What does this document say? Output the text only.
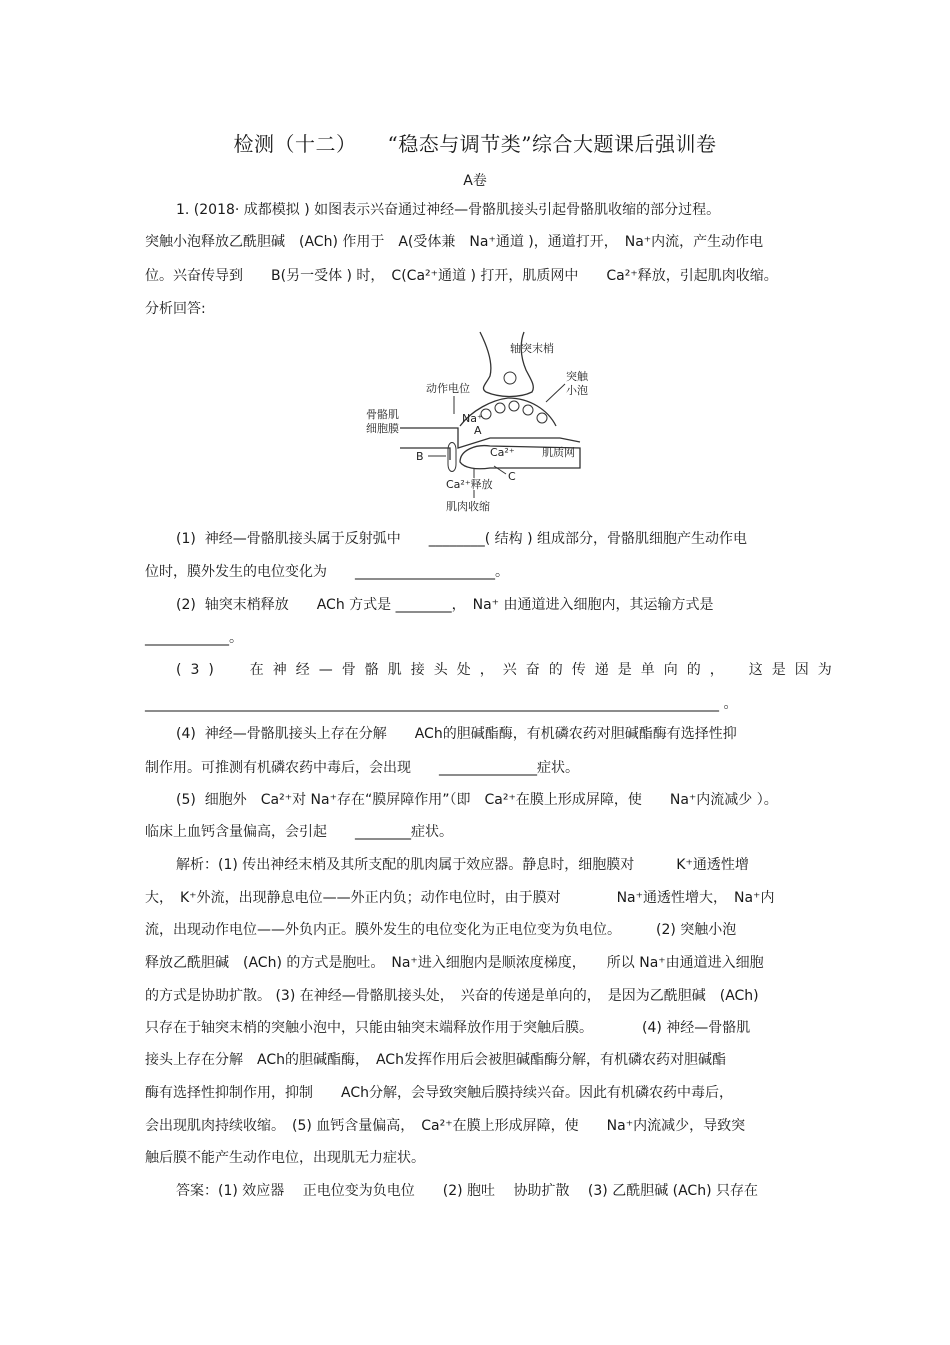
检测（十二）　　“稳态与调节类”综合大题课后强训卷
A卷
1. (2018· 成都模拟 ) 如图表示兴奋通过神经—骨骼肌接头引起骨骼肌收缩的部分过程。
突触小泡释放乙酰胆碱　(ACh) 作用于　A(受体兼　Na⁺通道 )，通道打开，　Na⁺内流，产生动作电
位。兴奋传导到　　B(另一受体 ) 时，　C(Ca²⁺通道 ) 打开，肌质网中　　Ca²⁺释放，引起肌肉收缩。
分析回答:
轴突末梢
突触
小泡
动作电位
骨骼肌
细胞膜
Na⁺
A
B	Ca²⁺
C
肌质网
Ca²⁺释放
肌肉收缩
(1)  神经—骨骼肌接头属于反射弧中　　________( 结构 ) 组成部分，骨骼肌细胞产生动作电
位时，膜外发生的电位变化为　　____________________。
(2)  轴突末梢释放　　ACh 方式是 ________，　Na⁺ 由通道进入细胞内，其运输方式是
____________。
(3)  在神经—骨骼肌接头处，兴奋的传递是单向的，　这是因为
__________________________________________________________________________________ 。
(4)  神经—骨骼肌接头上存在分解　　ACh的胆碱酯酶，有机磷农药对胆碱酯酶有选择性抑
制作用。可推测有机磷农药中毒后，会出现　　______________症状。
(5)  细胞外　Ca²⁺对 Na⁺存在“膜屏障作用”（即　Ca²⁺在膜上形成屏障，使　　Na⁺内流减少 ）。
临床上血钙含量偏高，会引起　　________症状。
解析：(1) 传出神经末梢及其所支配的肌肉属于效应器。静息时，细胞膜对　　　K⁺通透性增
大，　K⁺外流，出现静息电位——外正内负；动作电位时，由于膜对　　　　Na⁺通透性增大，　Na⁺内
流，出现动作电位——外负内正。膜外发生的电位变化为正电位变为负电位。　　　(2) 突触小泡
释放乙酰胆碱　(ACh) 的方式是胞吐。　Na⁺进入细胞内是顺浓度梯度，　　所以 Na⁺由通道进入细胞
的方式是协助扩散。 (3) 在神经—骨骼肌接头处，　兴奋的传递是单向的，　是因为乙酰胆碱　(ACh)
只存在于轴突末梢的突触小泡中，只能由轴突末端释放作用于突触后膜。　　　　(4) 神经—骨骼肌
接头上存在分解　ACh的胆碱酯酶，　ACh发挥作用后会被胆碱酯酶分解，有机磷农药对胆碱酯
酶有选择性抑制作用，抑制　　ACh分解，会导致突触后膜持续兴奋。因此有机磷农药中毒后，
会出现肌肉持续收缩。　(5) 血钙含量偏高，　Ca²⁺在膜上形成屏障，使　　Na⁺内流减少，导致突
触后膜不能产生动作电位，出现肌无力症状。
答案：(1) 效应器　 正电位变为负电位　　(2) 胞吐　 协助扩散　 (3) 乙酰胆碱 (ACh) 只存在
